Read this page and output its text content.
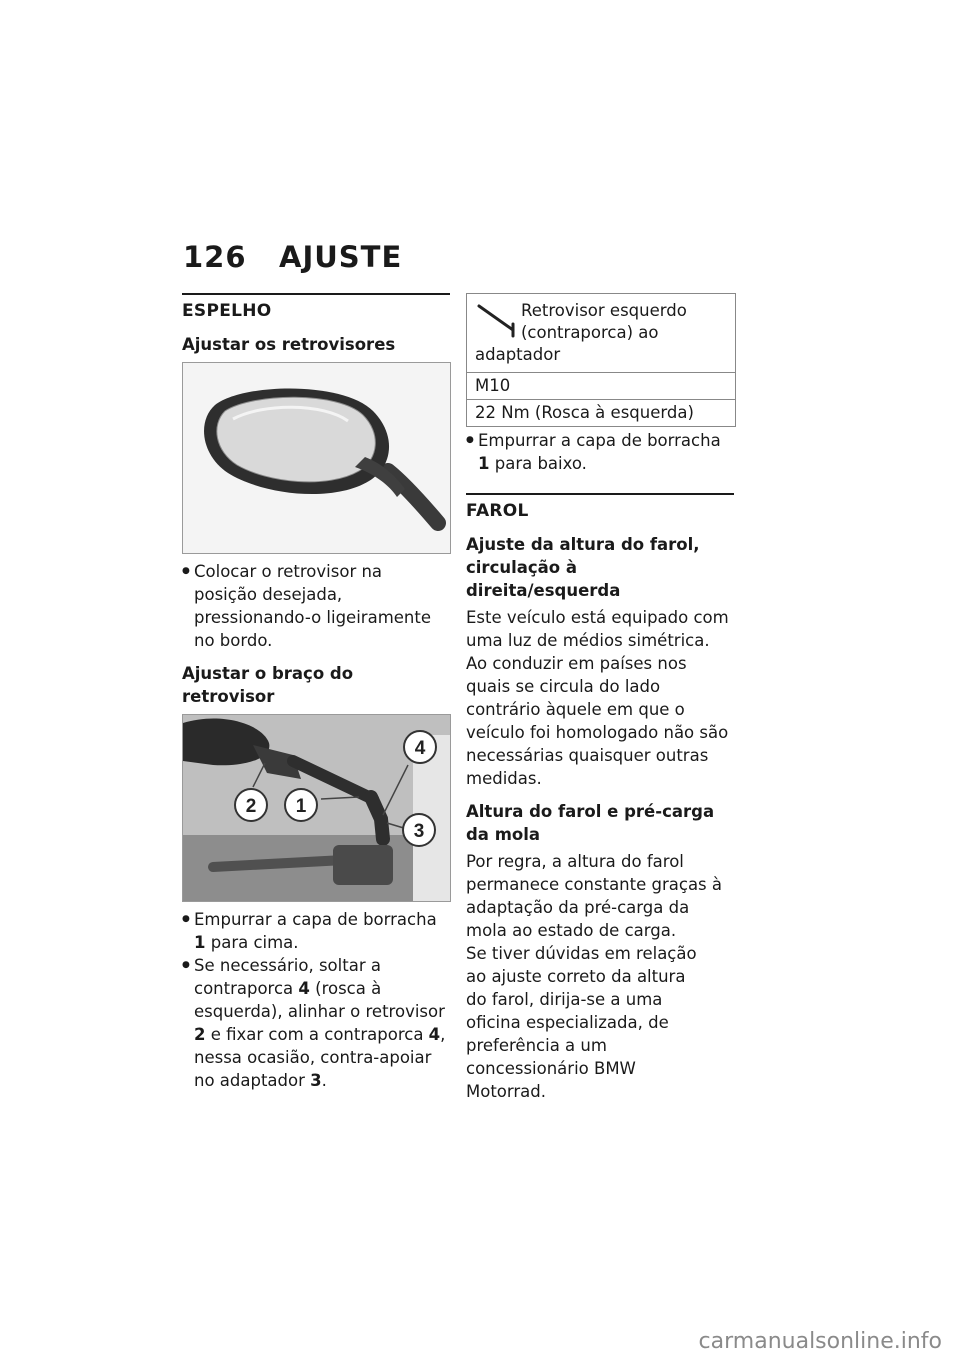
126 AJUSTE
ESPELHO
Ajustar os retrovisores
● Colocar o retrovisor na posição desejada, pressionando-o ligeiramente no bordo.
Ajustar o braço do retrovisor
2 1
4
3
● Empurrar a capa de borracha 1 para cima.
● Se necessário, soltar a contraporca 4 (rosca à esquerda), alinhar o retrovisor 2 e fixar com a contraporca 4, nessa ocasião, contra-apoiar no adaptador 3.
Retrovisor esquerdo (contraporca) ao adaptador
M10
22 Nm (Rosca à esquerda)
● Empurrar a capa de borracha 1 para baixo.
FAROL
Ajuste da altura do farol, circulação à direita/esquerda

Este veículo está equipado com uma luz de médios simétrica. Ao conduzir em países nos quais se circula do lado contrário àquele em que o veículo foi homologado não são necessárias quaisquer outras medidas.

Altura do farol e pré-carga da mola

Por regra, a altura do farol permanece constante graças à adaptação da pré-carga da mola ao estado de carga.

Se tiver dúvidas em relação ao ajuste correto da altura do farol, dirija-se a uma oficina especializada, de preferência a um concessionário BMW Motorrad.

carmanualsonline.info
